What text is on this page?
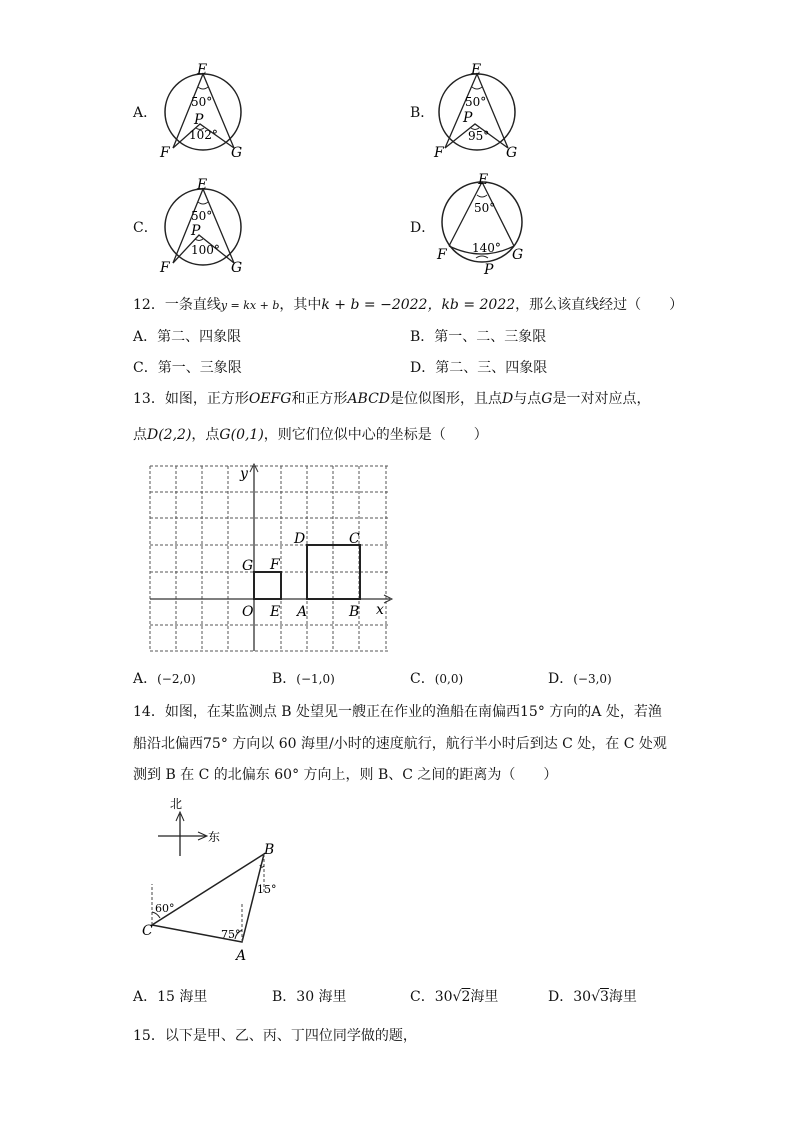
A．
E
50°
P
102°
F	G
B．
E
50°
P
95°
F	G
C．
E
50°
P
100°
F	G
D．
E
50°
140°
F	G
P
12．一条直线y = kx + b，其中k + b = −2022，kb = 2022，那么该直线经过（　　）
A．第二、四象限	B．第一、二、三象限
C．第一、三象限	D．第二、三、四象限
13．如图，正方形OEFG和正方形ABCD是位似图形，且点D与点G是一对对应点，
点D(2,2)，点G(0,1)，则它们位似中心的坐标是（　　）
y
x
G F
D	C
O E A	B
A．(−2,0)	B．(−1,0)	C．(0,0)	D．(−3,0)
14．如图，在某监测点 B 处望见一艘正在作业的渔船在南偏西15° 方向的A 处，若渔
船沿北偏西75° 方向以 60 海里/小时的速度航行，航行半小时后到达 C 处，在 C 处观
测到 B 在 C 的北偏东 60° 方向上，则 B、C 之间的距离为（　　）
北
东
B
C
A
60°
75°
15°
A．15 海里	B．30 海里	C．30√2海里	D．30√3海里
15．以下是甲、乙、丙、丁四位同学做的题，
